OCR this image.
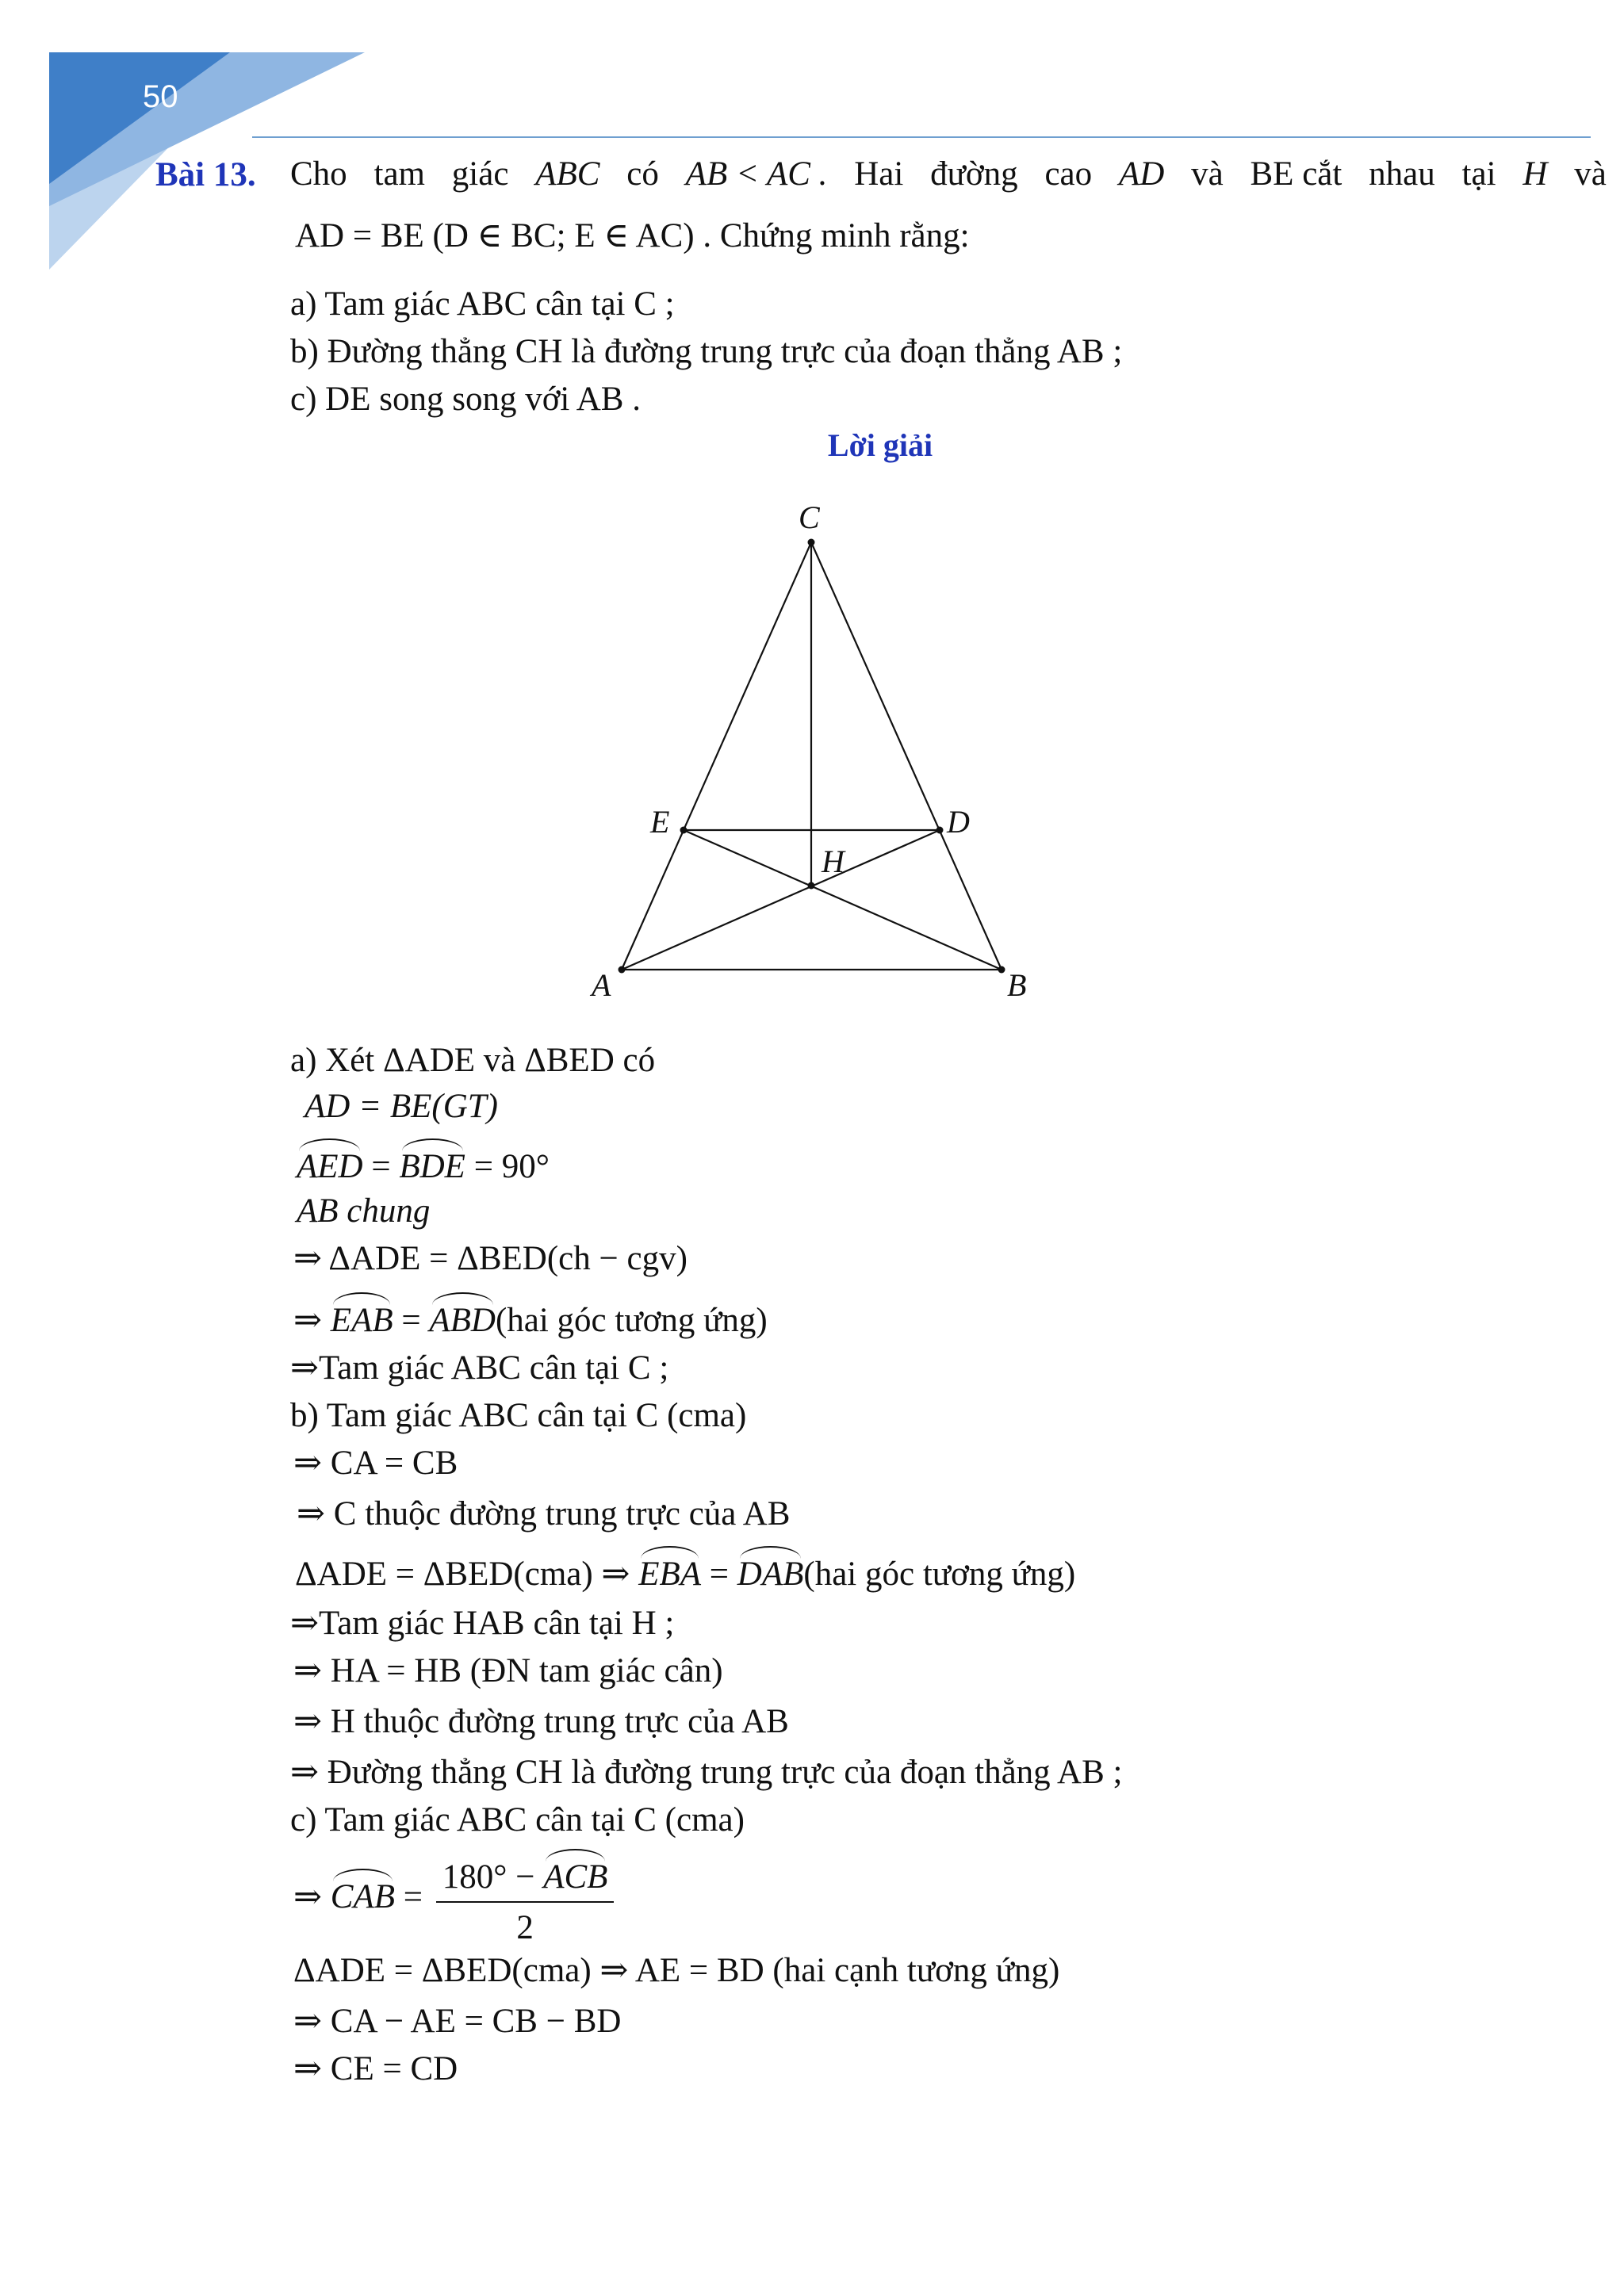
50
Bài 13. Cho tam giác ABC có AB < AC . Hai đường cao AD và BE cắt nhau tại H và
AD = BE (D ∈ BC; E ∈ AC) . Chứng minh rằng:
a) Tam giác ABC cân tại C ;
b) Đường thẳng CH là đường trung trực của đoạn thẳng AB ;
c) DE song song với AB .
Lời giải
C
E	D
H
A	B
a) Xét ΔADE và ΔBED có
AD = BE(GT)
AED = BDE = 90°
AB chung
⇒ ΔADE = ΔBED(ch − cgv)
⇒ EAB = ABD(hai góc tương ứng)
⇒Tam giác ABC cân tại C ;
b) Tam giác ABC cân tại C (cma)
⇒ CA = CB
⇒ C thuộc đường trung trực của AB
ΔADE = ΔBED(cma) ⇒ EBA = DAB(hai góc tương ứng)
⇒Tam giác HAB cân tại H ;
⇒ HA = HB (ĐN tam giác cân)
⇒ H thuộc đường trung trực của AB
⇒ Đường thẳng CH là đường trung trực của đoạn thẳng AB ;
c) Tam giác ABC cân tại C (cma)
⇒ CAB = $\frac{\text{180° − ACB}}{2}$
ΔADE = ΔBED(cma) ⇒ AE = BD (hai cạnh tương ứng)
⇒ CA − AE = CB − BD
⇒ CE = CD
